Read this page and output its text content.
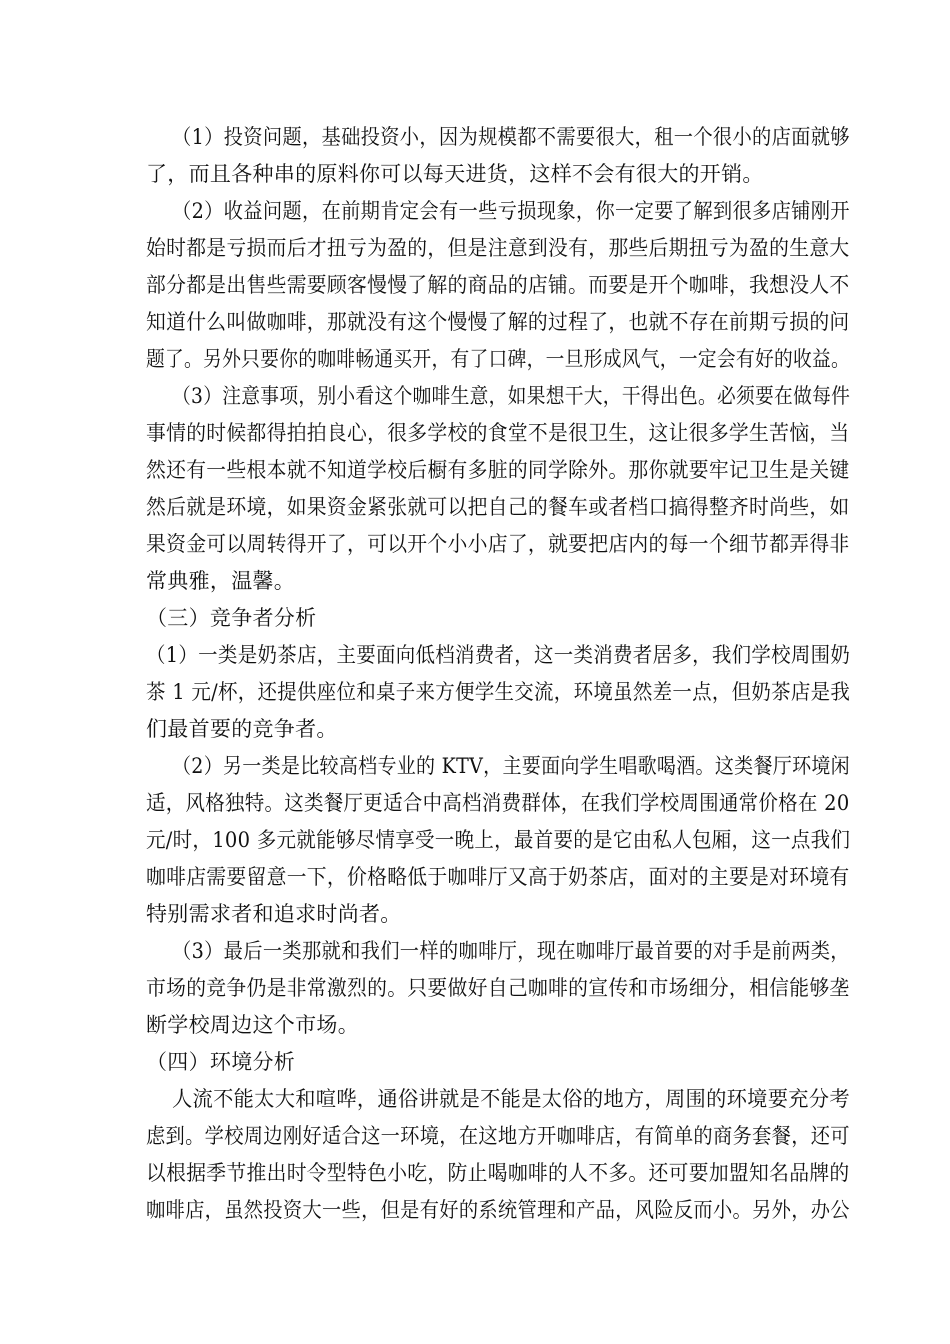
（1）投资问题，基础投资小，因为规模都不需要很大，租一个很小的店面就够
了，而且各种串的原料你可以每天进货，这样不会有很大的开销。
（2）收益问题，在前期肯定会有一些亏损现象，你一定要了解到很多店铺刚开
始时都是亏损而后才扭亏为盈的，但是注意到没有，那些后期扭亏为盈的生意大
部分都是出售些需要顾客慢慢了解的商品的店铺。而要是开个咖啡，我想没人不
知道什么叫做咖啡，那就没有这个慢慢了解的过程了，也就不存在前期亏损的问
题了。另外只要你的咖啡畅通买开，有了口碑，一旦形成风气，一定会有好的收益。
（3）注意事项，别小看这个咖啡生意，如果想干大，干得出色。必须要在做每件
事情的时候都得拍拍良心，很多学校的食堂不是很卫生，这让很多学生苦恼，当
然还有一些根本就不知道学校后橱有多脏的同学除外。那你就要牢记卫生是关键
然后就是环境，如果资金紧张就可以把自己的餐车或者档口搞得整齐时尚些，如
果资金可以周转得开了，可以开个小小店了，就要把店内的每一个细节都弄得非
常典雅，温馨。
（三）竞争者分析
（1）一类是奶茶店，主要面向低档消费者，这一类消费者居多，我们学校周围奶
茶 1 元/杯，还提供座位和桌子来方便学生交流，环境虽然差一点，但奶茶店是我
们最首要的竞争者。
（2）另一类是比较高档专业的 KTV，主要面向学生唱歌喝酒。这类餐厅环境闲
适，风格独特。这类餐厅更适合中高档消费群体，在我们学校周围通常价格在 20
元/时，100 多元就能够尽情享受一晚上，最首要的是它由私人包厢，这一点我们
咖啡店需要留意一下，价格略低于咖啡厅又高于奶茶店，面对的主要是对环境有
特别需求者和追求时尚者。
（3）最后一类那就和我们一样的咖啡厅，现在咖啡厅最首要的对手是前两类，
市场的竞争仍是非常激烈的。只要做好自己咖啡的宣传和市场细分，相信能够垄
断学校周边这个市场。
（四）环境分析
人流不能太大和喧哗，通俗讲就是不能是太俗的地方，周围的环境要充分考
虑到。学校周边刚好适合这一环境，在这地方开咖啡店，有简单的商务套餐，还可
以根据季节推出时令型特色小吃，防止喝咖啡的人不多。还可要加盟知名品牌的
咖啡店，虽然投资大一些，但是有好的系统管理和产品，风险反而小。另外，办公
